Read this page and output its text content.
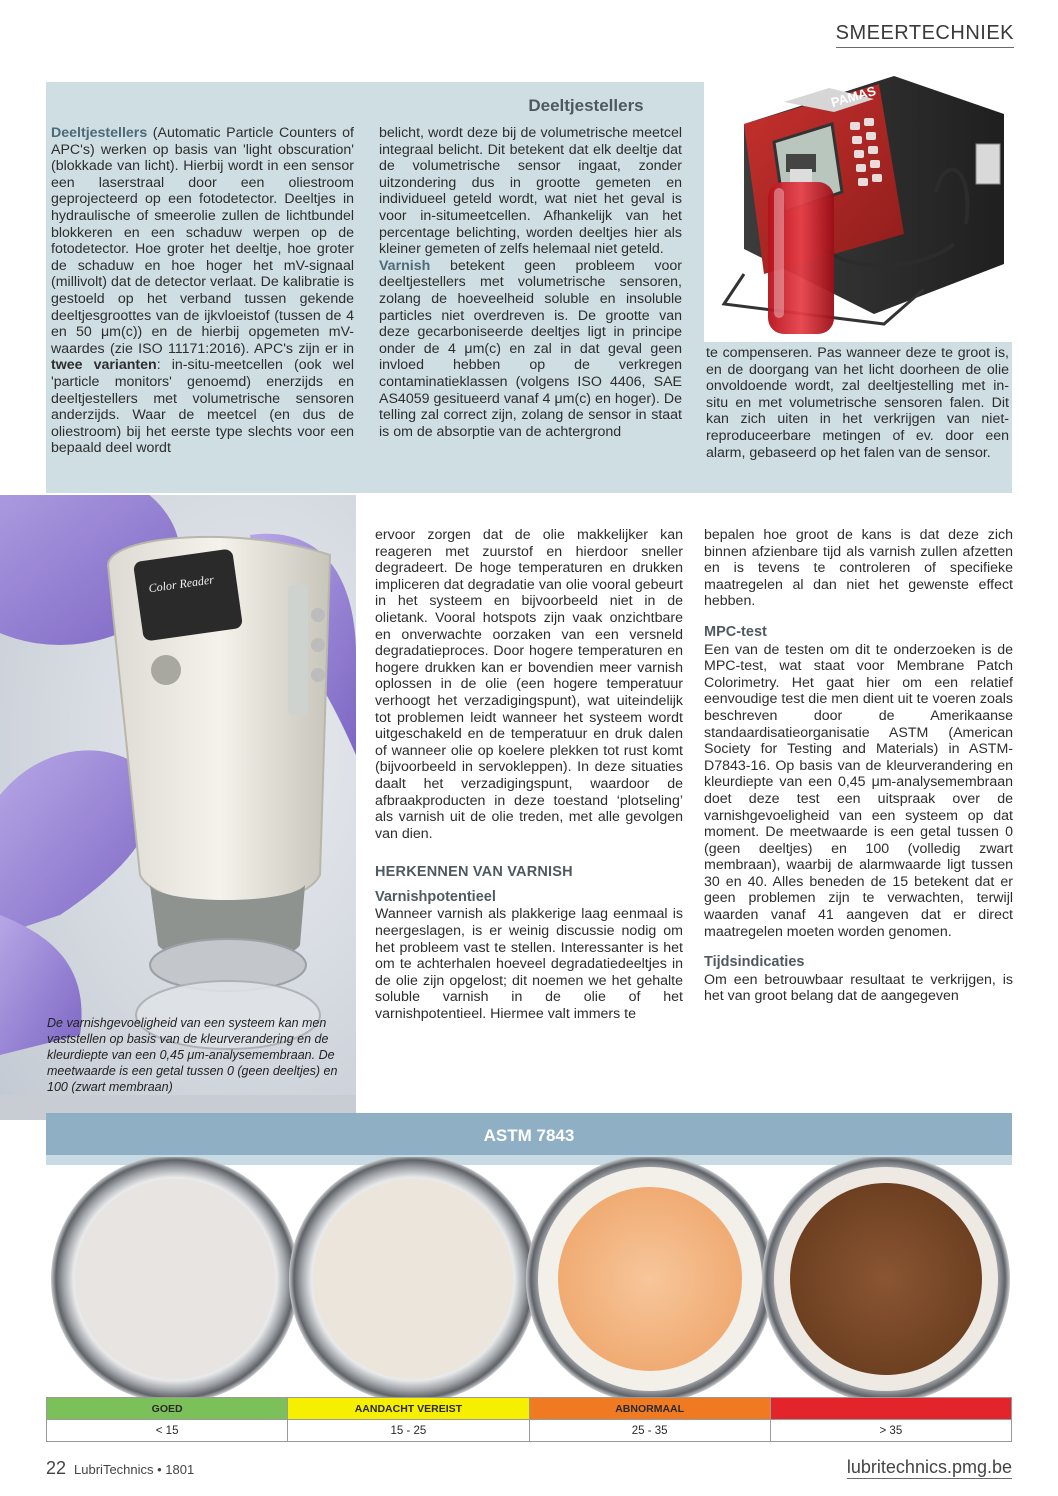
SMEERTECHNIEK
Deeltjestellers

Deeltjestellers (Automatic Particle Counters of APC's) werken op basis van 'light obscuration' (blokkade van licht). Hierbij wordt in een sensor een laserstraal door een oliestroom geprojecteerd op een fotodetector. Deeltjes in hydraulische of smeerolie zullen de lichtbundel blokkeren en een schaduw werpen op de fotodetector. Hoe groter het deeltje, hoe groter de schaduw en hoe hoger het mV-signaal (millivolt) dat de detector verlaat. De kalibratie is gestoeld op het verband tussen gekende deeltjesgroottes van de ijkvloeistof (tussen de 4 en 50 μm(c)) en de hierbij opgemeten mV-waardes (zie ISO 11171:2016). APC's zijn er in twee varianten: in-situ-meetcellen (ook wel 'particle monitors' genoemd) enerzijds en deeltjestellers met volumetrische sensoren anderzijds. Waar de meetcel (en dus de oliestroom) bij het eerste type slechts voor een bepaald deel wordt

belicht, wordt deze bij de volumetrische meetcel integraal belicht. Dit betekent dat elk deeltje dat de volumetrische sensor ingaat, zonder uitzondering dus in grootte gemeten en individueel geteld wordt, wat niet het geval is voor in-situmeetcellen. Afhankelijk van het percentage belichting, worden deeltjes hier als kleiner gemeten of zelfs helemaal niet geteld.

Varnish betekent geen probleem voor deeltjestellers met volumetrische sensoren, zolang de hoeveelheid soluble en insoluble particles niet overdreven is. De grootte van deze gecarboniseerde deeltjes ligt in principe onder de 4 μm(c) en zal in dat geval geen invloed hebben op de verkregen contaminatieklassen (volgens ISO 4406, SAE AS4059 gesitueerd vanaf 4 μm(c) en hoger). De telling zal correct zijn, zolang de sensor in staat is om de absorptie van de achtergrond

PAMAS

te compenseren. Pas wanneer deze te groot is, en de doorgang van het licht doorheen de olie onvoldoende wordt, zal deeltjestelling met in-situ en met volumetrische sensoren falen. Dit kan zich uiten in het verkrijgen van niet-reproduceerbare metingen of ev. door een alarm, gebaseerd op het falen van de sensor.

Color Reader
De varnishgevoeligheid van een systeem kan men vaststellen op basis van de kleurverandering en de kleurdiepte van een 0,45 μm-analysemembraan. De meetwaarde is een getal tussen 0 (geen deeltjes) en 100 (zwart membraan)

ervoor zorgen dat de olie makkelijker kan reageren met zuurstof en hierdoor sneller degradeert. De hoge temperaturen en drukken impliceren dat degradatie van olie vooral gebeurt in het systeem en bijvoorbeeld niet in de olietank. Vooral hotspots zijn vaak onzichtbare en onverwachte oorzaken van een versneld degradatieproces. Door hogere temperaturen en hogere drukken kan er bovendien meer varnish oplossen in de olie (een hogere temperatuur verhoogt het verzadigingspunt), wat uiteindelijk tot problemen leidt wanneer het systeem wordt uitgeschakeld en de temperatuur en druk dalen of wanneer olie op koelere plekken tot rust komt (bijvoorbeeld in servokleppen). In deze situaties daalt het verzadigingspunt, waardoor de afbraakproducten in deze toestand ‘plotseling’ als varnish uit de olie treden, met alle gevolgen van dien.

HERKENNEN VAN VARNISH
Varnishpotentieel

Wanneer varnish als plakkerige laag eenmaal is neergeslagen, is er weinig discussie nodig om het probleem vast te stellen. Interessanter is het om te achterhalen hoeveel degradatiedeeltjes in de olie zijn opgelost; dit noemen we het gehalte soluble varnish in de olie of het varnishpotentieel. Hiermee valt immers te

bepalen hoe groot de kans is dat deze zich binnen afzienbare tijd als varnish zullen afzetten en is tevens te controleren of specifieke maatregelen al dan niet het gewenste effect hebben.

MPC-test

Een van de testen om dit te onderzoeken is de MPC-test, wat staat voor Membrane Patch Colorimetry. Het gaat hier om een relatief eenvoudige test die men dient uit te voeren zoals beschreven door de Amerikaanse standaardisatieorganisatie ASTM (American Society for Testing and Materials) in ASTM-D7843-16. Op basis van de kleurverandering en kleurdiepte van een 0,45 μm-analysemembraan doet deze test een uitspraak over de varnishgevoeligheid van een systeem op dat moment. De meetwaarde is een getal tussen 0 (geen deeltjes) en 100 (volledig zwart membraan), waarbij de alarmwaarde ligt tussen 30 en 40. Alles beneden de 15 betekent dat er geen problemen zijn te verwachten, terwijl waarden vanaf 41 aangeven dat er direct maatregelen moeten worden genomen.

Tijdsindicaties

Om een betrouwbaar resultaat te verkrijgen, is het van groot belang dat de aangegeven

ASTM 7843
GOED	AANDACHT VEREIST	ABNORMAAL	KRITIEK
< 15	15 - 25	25 - 35	> 35
22 LubriTechnics • 1801	lubritechnics.pmg.be
